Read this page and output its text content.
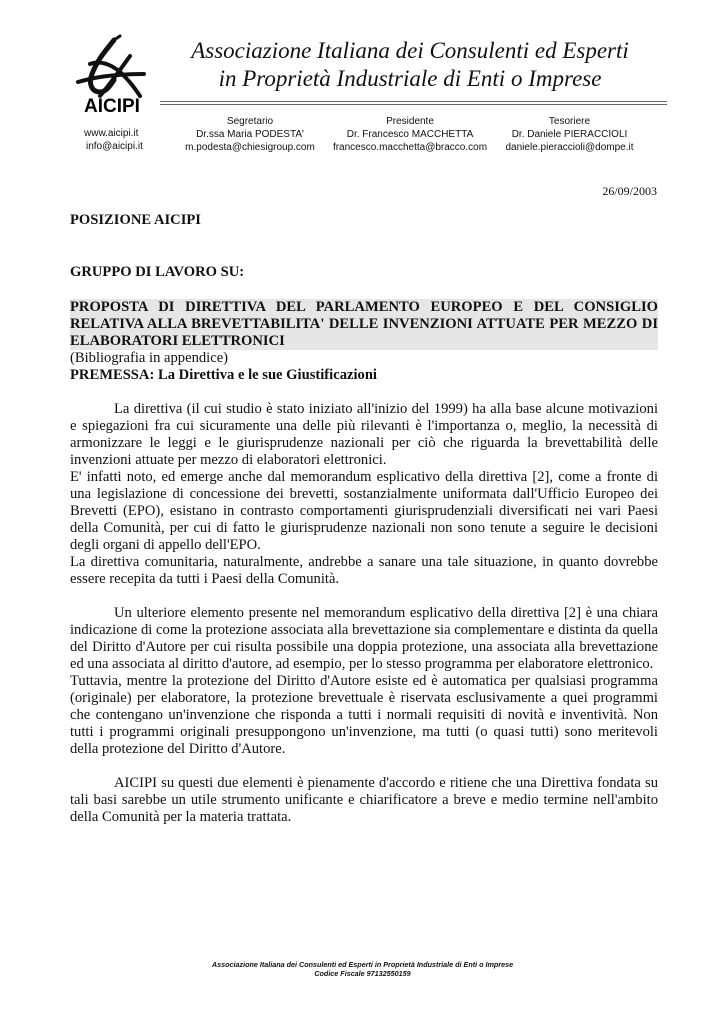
AICIPI
Associazione Italiana dei Consulenti ed Esperti
in Proprietà Industriale di Enti o Imprese
www.aicipi.it
info@aicipi.it
Segretario
Dr.ssa Maria PODESTA'
m.podesta@chiesigroup.com
Presidente
Dr. Francesco MACCHETTA
francesco.macchetta@bracco.com
Tesoriere
Dr. Daniele PIERACCIOLI
daniele.pieraccioli@dompe.it
26/09/2003

POSIZIONE AICIPI

GRUPPO DI LAVORO SU:

PROPOSTA DI DIRETTIVA DEL PARLAMENTO EUROPEO E DEL CONSIGLIO RELATIVA ALLA BREVETTABILITA' DELLE INVENZIONI ATTUATE PER MEZZO DI ELABORATORI ELETTRONICI

(Bibliografia in appendice)

PREMESSA: La Direttiva e le sue Giustificazioni

La direttiva (il cui studio è stato iniziato all'inizio del 1999) ha alla base alcune motivazioni e spiegazioni fra cui sicuramente una delle più rilevanti è l'importanza o, meglio, la necessità di armonizzare le leggi e le giurisprudenze nazionali per ciò che riguarda la brevettabilità delle invenzioni attuate per mezzo di elaboratori elettronici.

E' infatti noto, ed emerge anche dal memorandum esplicativo della direttiva [2], come a fronte di una legislazione di concessione dei brevetti, sostanzialmente uniformata dall'Ufficio Europeo dei Brevetti (EPO), esistano in contrasto comportamenti giurisprudenziali diversificati nei vari Paesi della Comunità, per cui di fatto le giurisprudenze nazionali non sono tenute a seguire le decisioni degli organi di appello dell'EPO.

La direttiva comunitaria, naturalmente, andrebbe a sanare una tale situazione, in quanto dovrebbe essere recepita da tutti i Paesi della Comunità.

Un ulteriore elemento presente nel memorandum esplicativo della direttiva [2] è una chiara indicazione di come la protezione associata alla brevettazione sia complementare e distinta da quella del Diritto d'Autore per cui risulta possibile una doppia protezione, una associata alla brevettazione ed una associata al diritto d'autore, ad esempio, per lo stesso programma per elaboratore elettronico.

Tuttavia, mentre la protezione del Diritto d'Autore esiste ed è automatica per qualsiasi programma (originale) per elaboratore, la protezione brevettuale è riservata esclusivamente a quei programmi che contengano un'invenzione che risponda a tutti i normali requisiti di novità e inventività. Non tutti i programmi originali presuppongono un'invenzione, ma tutti (o quasi tutti) sono meritevoli della protezione del Diritto d'Autore.

AICIPI su questi due elementi è pienamente d'accordo e ritiene che una Direttiva fondata su tali basi sarebbe un utile strumento unificante e chiarificatore a breve e medio termine nell'ambito della Comunità per la materia trattata.

Associazione Italiana dei Consulenti ed Esperti in Proprietà Industriale di Enti o Imprese
Codice Fiscale 97132550159
